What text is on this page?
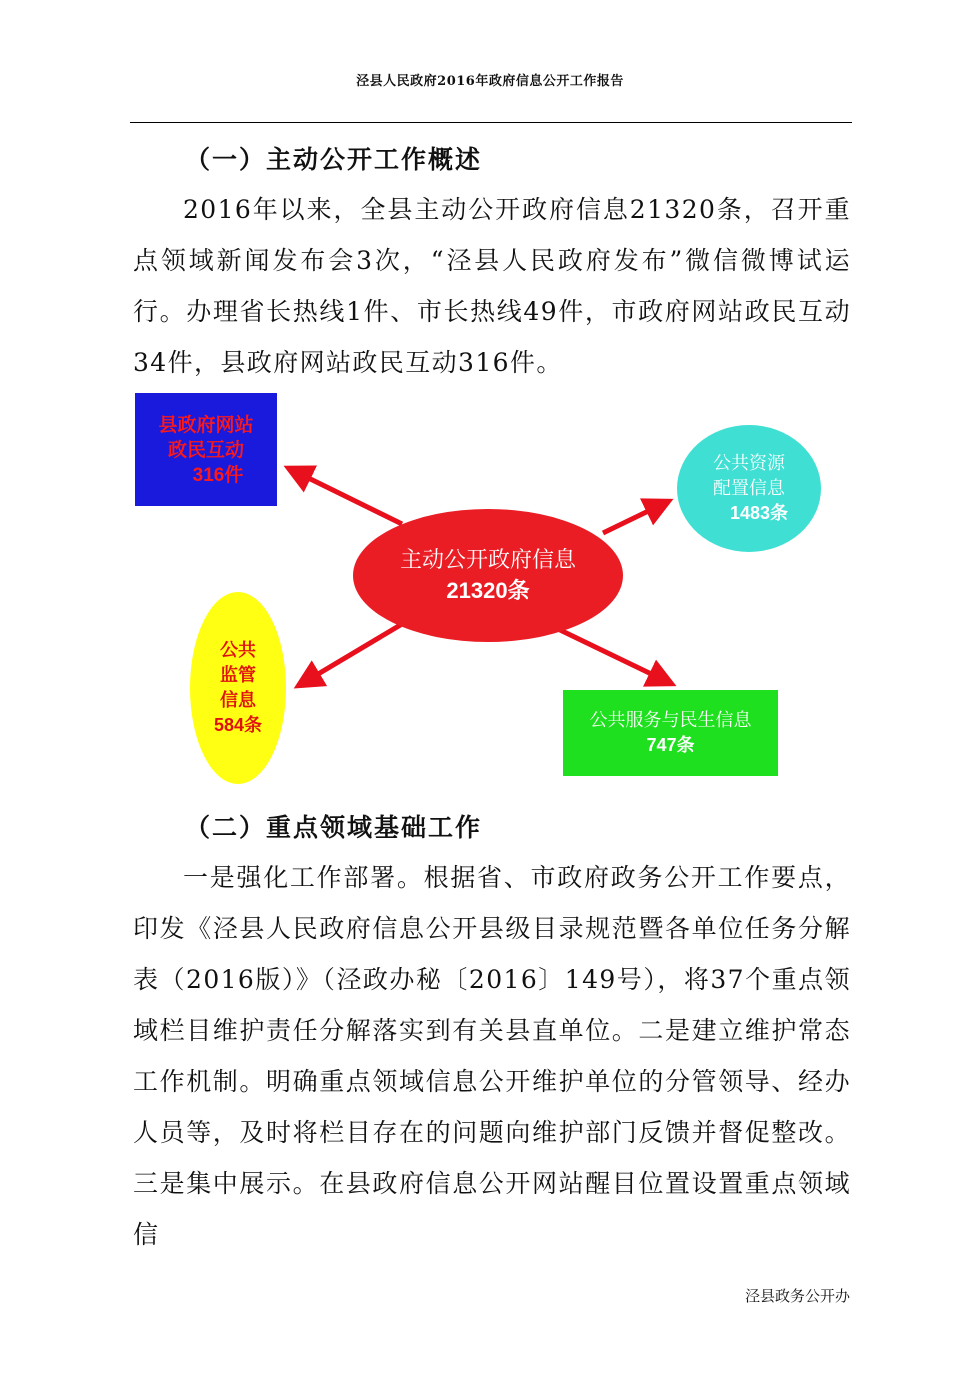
泾县人民政府2016年政府信息公开工作报告
（一）主动公开工作概述
2016年以来，全县主动公开政府信息21320条，召开重点领域新闻发布会3次，“泾县人民政府发布”微信微博试运行。办理省长热线1件、市长热线49件，市政府网站政民互动34件，县政府网站政民互动316件。
县政府网站
政民互动
316件
公共资源
配置信息
1483条
主动公开政府信息
21320条
公共
监管
信息
584条	公共服务与民生信息
747条
（二）重点领域基础工作
一是强化工作部署。根据省、市政府政务公开工作要点，印发《泾县人民政府信息公开县级目录规范暨各单位任务分解表（2016版）》（泾政办秘〔2016〕149号），将37个重点领域栏目维护责任分解落实到有关县直单位。二是建立维护常态工作机制。明确重点领域信息公开维护单位的分管领导、经办人员等，及时将栏目存在的问题向维护部门反馈并督促整改。三是集中展示。在县政府信息公开网站醒目位置设置重点领域信
泾县政务公开办
